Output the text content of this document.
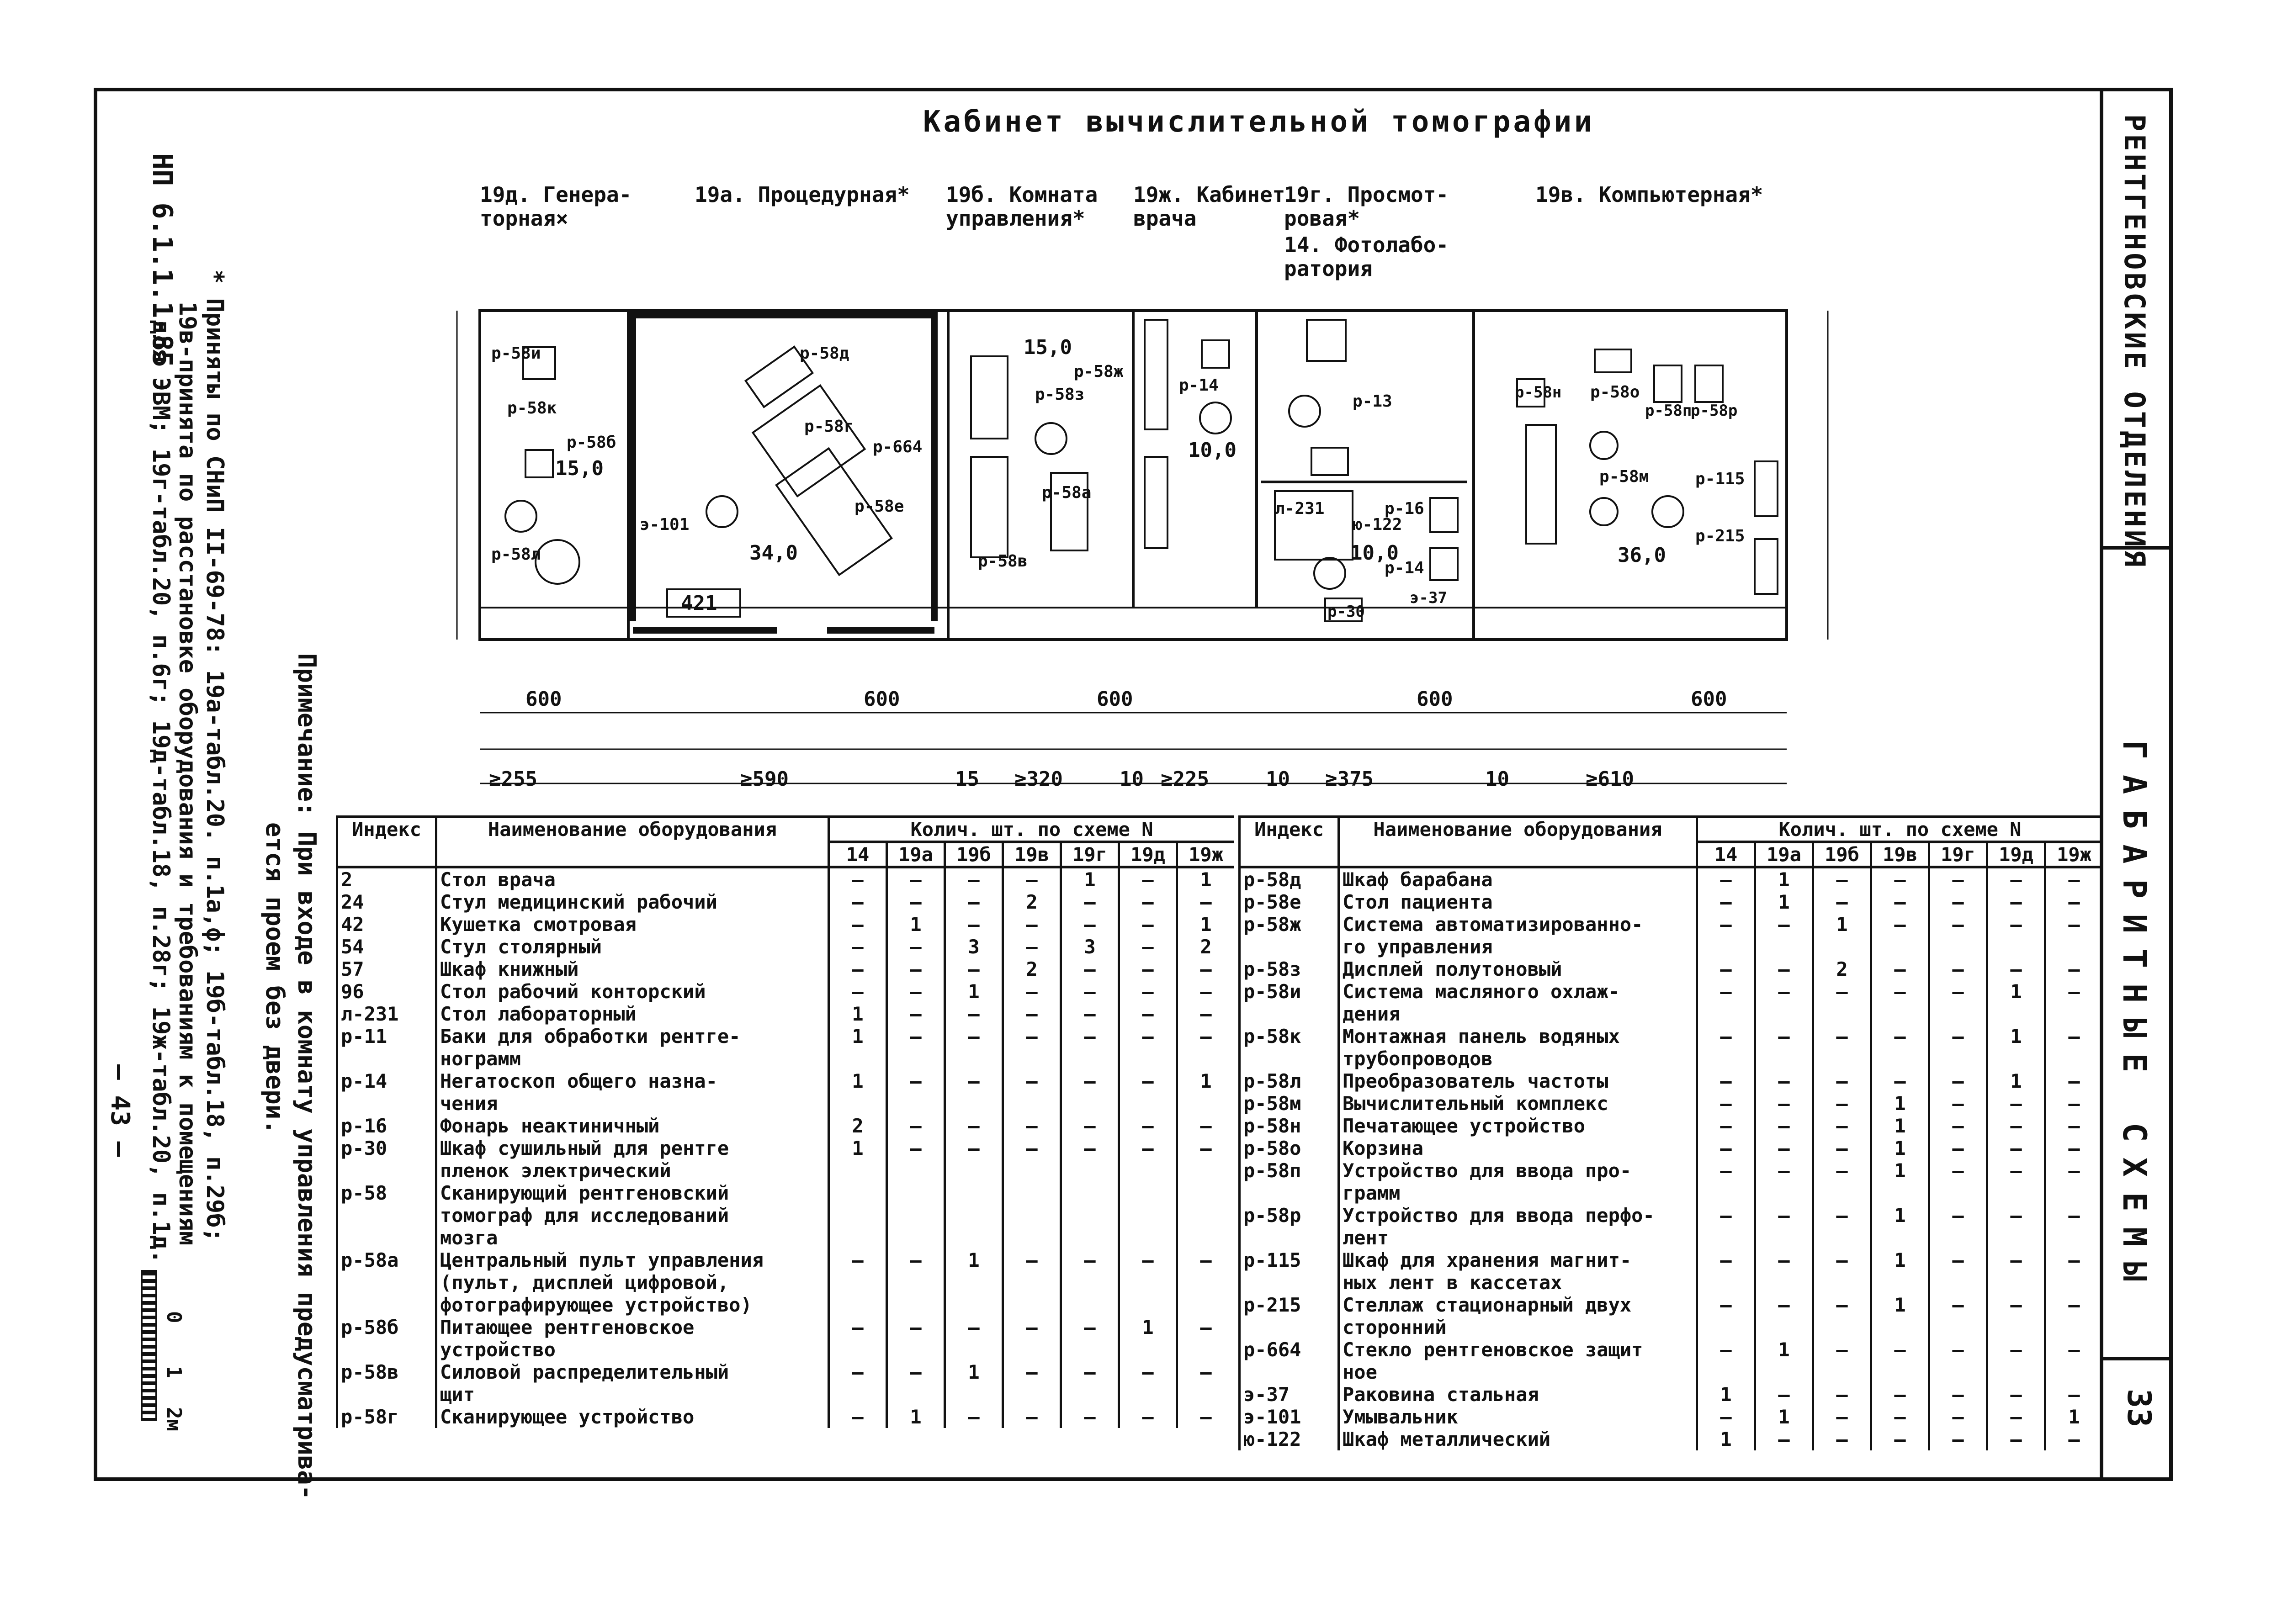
РЕНТГЕНОВСКИЕ ОТДЕЛЕНИЯ
ГАБАРИТНЫЕ СХЕМЫ
33
НП 6.1.1.1-85
* Приняты по СНиП II-69-78: 19а-табл.20. п.1а,ф; 19б-табл.18, п.29б;
19в-принята по расстановке оборудования и требованиям к помещениям
для ЭВМ; 19г-табл.20, п.6г; 19д-табл.18, п.28г; 19ж-табл.20, п.1д.
— 43 —	Примечание: При входе в комнату управления предусматрива-
ется проем без двери.
0
1
2м
Кабинет вычислительной томографии
19д. Генера-
торная×
19а. Процедурная* 19б. Комната
управления*
19ж. Кабинет
врача
19г. Просмот-
ровая*
14. Фотолабо-
ратория
19в. Компьютерная*
600	600	600	600	600
≥255	≥590	15 ≥320	10 ≥225	10 ≥375	10	≥610
15,0
34,0
15,0
10,0
10,0	36,0
421
р-58и
р-58к
р-58б
р-58л
э-101
р-58д
р-58г
р-58е
р-664
р-58з
р-58ж
р-58а
р-58в
р-14
р-13
л-231
ю-122
р-16
р-14
р-30
э-37
р-58н р-58о
р-58п
р-58р
р-58м	р-115
р-215
Индекс	Наименование оборудования	Колич. шт. по схеме N						
		14	19а	19б	19в	19г	19д	19ж
2	Стол врача	—	—	—	—	1	—	1
24	Стул медицинский рабочий	—	—	—	2	—	—	—
42	Кушетка смотровая	—	1	—	—	—	—	1
54	Стул столярный	—	—	3	—	3	—	2
57	Шкаф книжный	—	—	—	2	—	—	—
96	Стол рабочий конторский	—	—	1	—	—	—	—
л-231	Стол лабораторный	1	—	—	—	—	—	—
р-11	Баки для обработки рентге-
нограмм	1	—	—	—	—	—	—
р-14	Негатоскоп общего назна-
чения	1	—	—	—	—	—	1
р-16	Фонарь неактиничный	2	—	—	—	—	—	—
р-30	Шкаф сушильный для рентге
пленок электрический	1	—	—	—	—	—	—
р-58	Сканирующий рентгеновский
томограф для исследований
мозга							
р-58а	Центральный пульт управления
(пульт, дисплей цифровой,
фотографирующее устройство)	—	—	1	—	—	—	—
р-58б	Питающее рентгеновское
устройство	—	—	—	—	—	1	—
р-58в	Силовой распределительный
щит	—	—	1	—	—	—	—
р-58г	Сканирующее устройство	—	1	—	—	—	—	—
Индекс	Наименование оборудования	Колич. шт. по схеме N						
		14	19а	19б	19в	19г	19д	19ж
р-58д	Шкаф барабана	—	1	—	—	—	—	—
р-58е	Стол пациента	—	1	—	—	—	—	—
р-58ж	Система автоматизированно-
го управления	—	—	1	—	—	—	—
р-58з	Дисплей полутоновый	—	—	2	—	—	—	—
р-58и	Система масляного охлаж-
дения	—	—	—	—	—	1	—
р-58к	Монтажная панель водяных
трубопроводов	—	—	—	—	—	1	—
р-58л	Преобразователь частоты	—	—	—	—	—	1	—
р-58м	Вычислительный комплекс	—	—	—	1	—	—	—
р-58н	Печатающее устройство	—	—	—	1	—	—	—
р-58о	Корзина	—	—	—	1	—	—	—
р-58п	Устройство для ввода про-
грамм	—	—	—	1	—	—	—
р-58р	Устройство для ввода перфо-
лент	—	—	—	1	—	—	—
р-115	Шкаф для хранения магнит-
ных лент в кассетах	—	—	—	1	—	—	—
р-215	Стеллаж стационарный двух
сторонний	—	—	—	1	—	—	—
р-664	Стекло рентгеновское защит
ное	—	1	—	—	—	—	—
э-37	Раковина стальная	1	—	—	—	—	—	—
э-101	Умывальник	—	1	—	—	—	—	1
ю-122	Шкаф металлический	1	—	—	—	—	—	—
